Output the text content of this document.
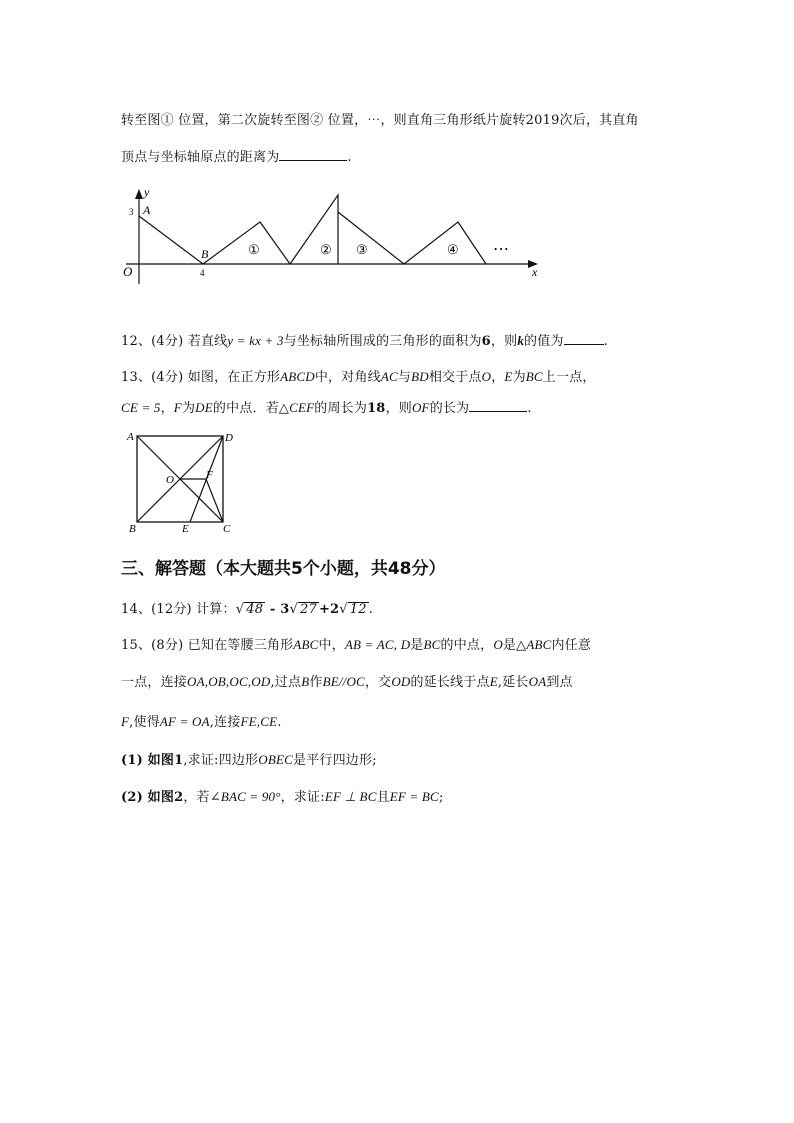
转至图① 位置，第二次旋转至图② 位置，⋯，则直角三角形纸片旋转2019次后，其直角
顶点与坐标轴原点的距离为	.
y
x
O
A
3
B
4
①	② ③	④ ⋯
12、(4分) 若直线y = kx + 3与坐标轴所围成的三角形的面积为6，则k的值为	.
13、(4分) 如图，在正方形ABCD中，对角线AC与BD相交于点O，E为BC上一点，
CE = 5，F为DE的中点．若△CEF的周长为18，则OF的长为	.
A	D
O	F
B	E	C
三、解答题（本大题共5个小题，共48分）
14、(12分) 计算：√ 48 - 3√ 27 +2√ 12 .
15、(8分) 已知在等腰三角形ABC中，AB = AC, D是BC的中点，O是△ABC内任意
一点，连接OA,OB,OC,OD,过点B作BE//OC，交OD的延长线于点E,延长OA到点
F,使得AF = OA,连接FE,CE.
(1) 如图1,求证:四边形OBEC是平行四边形;
(2) 如图2，若∠BAC = 90°，求证:EF ⊥ BC且EF = BC;
